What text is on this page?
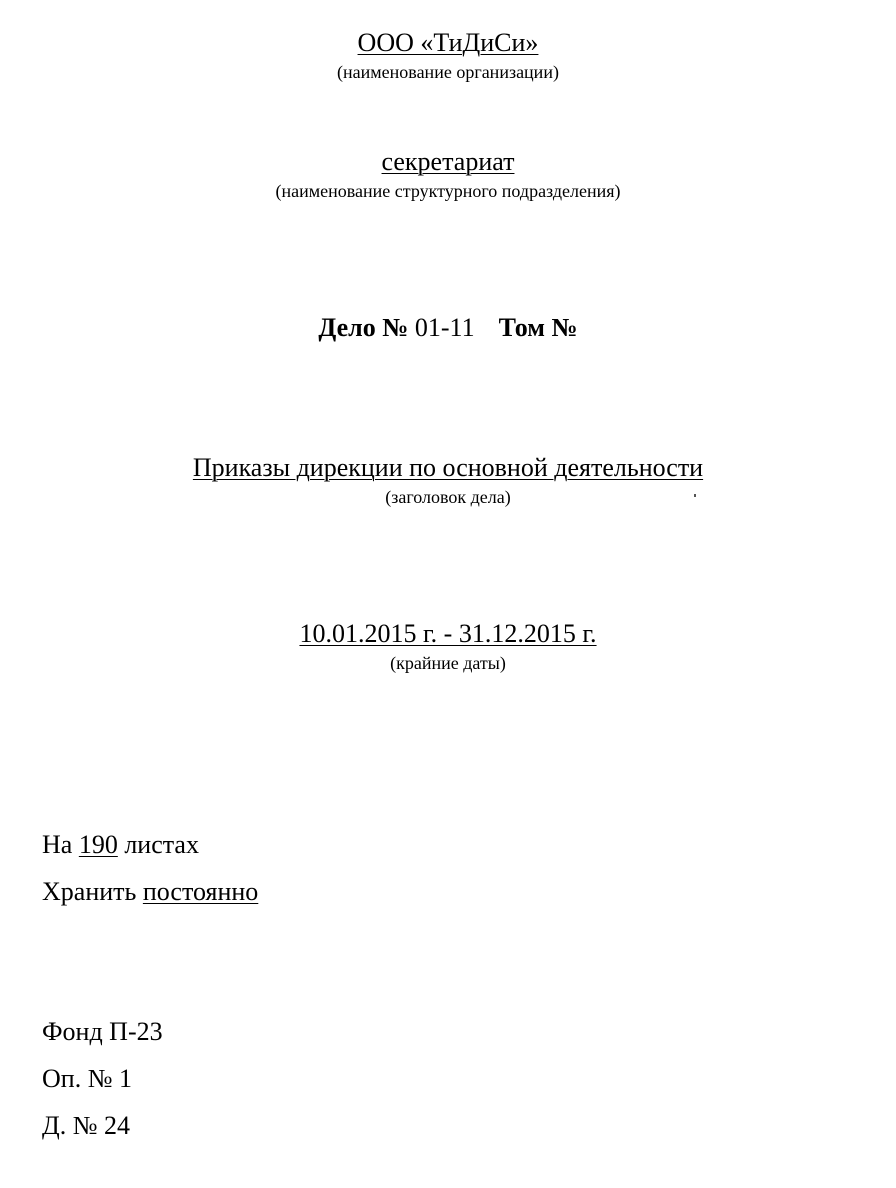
ООО «ТиДиСи»
(наименование организации)
секретариат
(наименование структурного подразделения)
Дело № 01-11 Том №
Приказы дирекции по основной деятельности
(заголовок дела)
10.01.2015 г. - 31.12.2015 г.
(крайние даты)
На 190 листах
Хранить постоянно
Фонд П-23
Оп. № 1
Д. № 24
